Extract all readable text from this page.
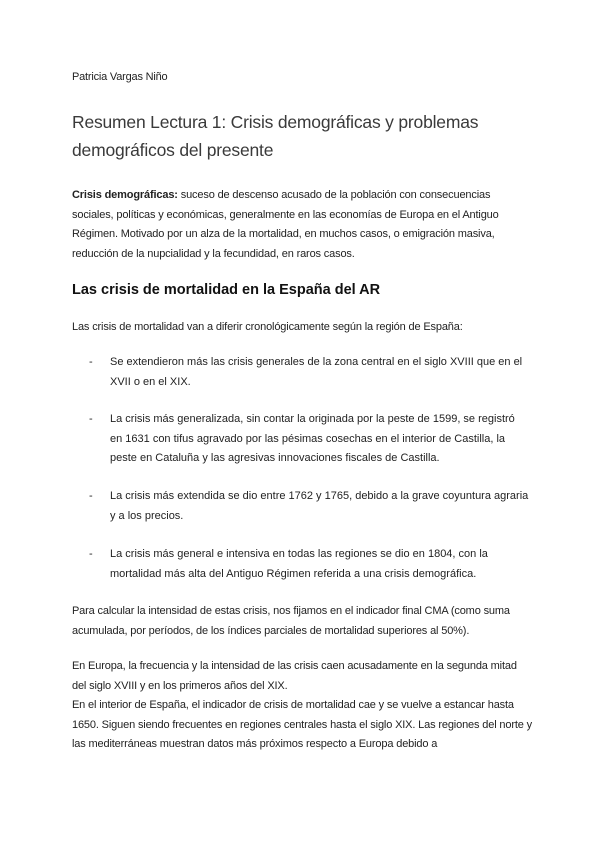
Patricia Vargas Niño
Resumen Lectura 1: Crisis demográficas y problemas demográficos del presente

Crisis demográficas: suceso de descenso acusado de la población con consecuencias sociales, políticas y económicas, generalmente en las economías de Europa en el Antiguo Régimen. Motivado por un alza de la mortalidad, en muchos casos, o emigración masiva, reducción de la nupcialidad y la fecundidad, en raros casos.

Las crisis de mortalidad en la España del AR

Las crisis de mortalidad van a diferir cronológicamente según la región de España:

- Se extendieron más las crisis generales de la zona central en el siglo XVIII que en el XVII o en el XIX.
- La crisis más generalizada, sin contar la originada por la peste de 1599, se registró en 1631 con tifus agravado por las pésimas cosechas en el interior de Castilla, la peste en Cataluña y las agresivas innovaciones fiscales de Castilla.
- La crisis más extendida se dio entre 1762 y 1765, debido a la grave coyuntura agraria y a los precios.
- La crisis más general e intensiva en todas las regiones se dio en 1804, con la mortalidad más alta del Antiguo Régimen referida a una crisis demográfica.

Para calcular la intensidad de estas crisis, nos fijamos en el indicador final CMA (como suma acumulada, por períodos, de los índices parciales de mortalidad superiores al 50%).

En Europa, la frecuencia y la intensidad de las crisis caen acusadamente en la segunda mitad del siglo XVIII y en los primeros años del XIX.

En el interior de España, el indicador de crisis de mortalidad cae y se vuelve a estancar hasta 1650. Siguen siendo frecuentes en regiones centrales hasta el siglo XIX. Las regiones del norte y las mediterráneas muestran datos más próximos respecto a Europa debido a
